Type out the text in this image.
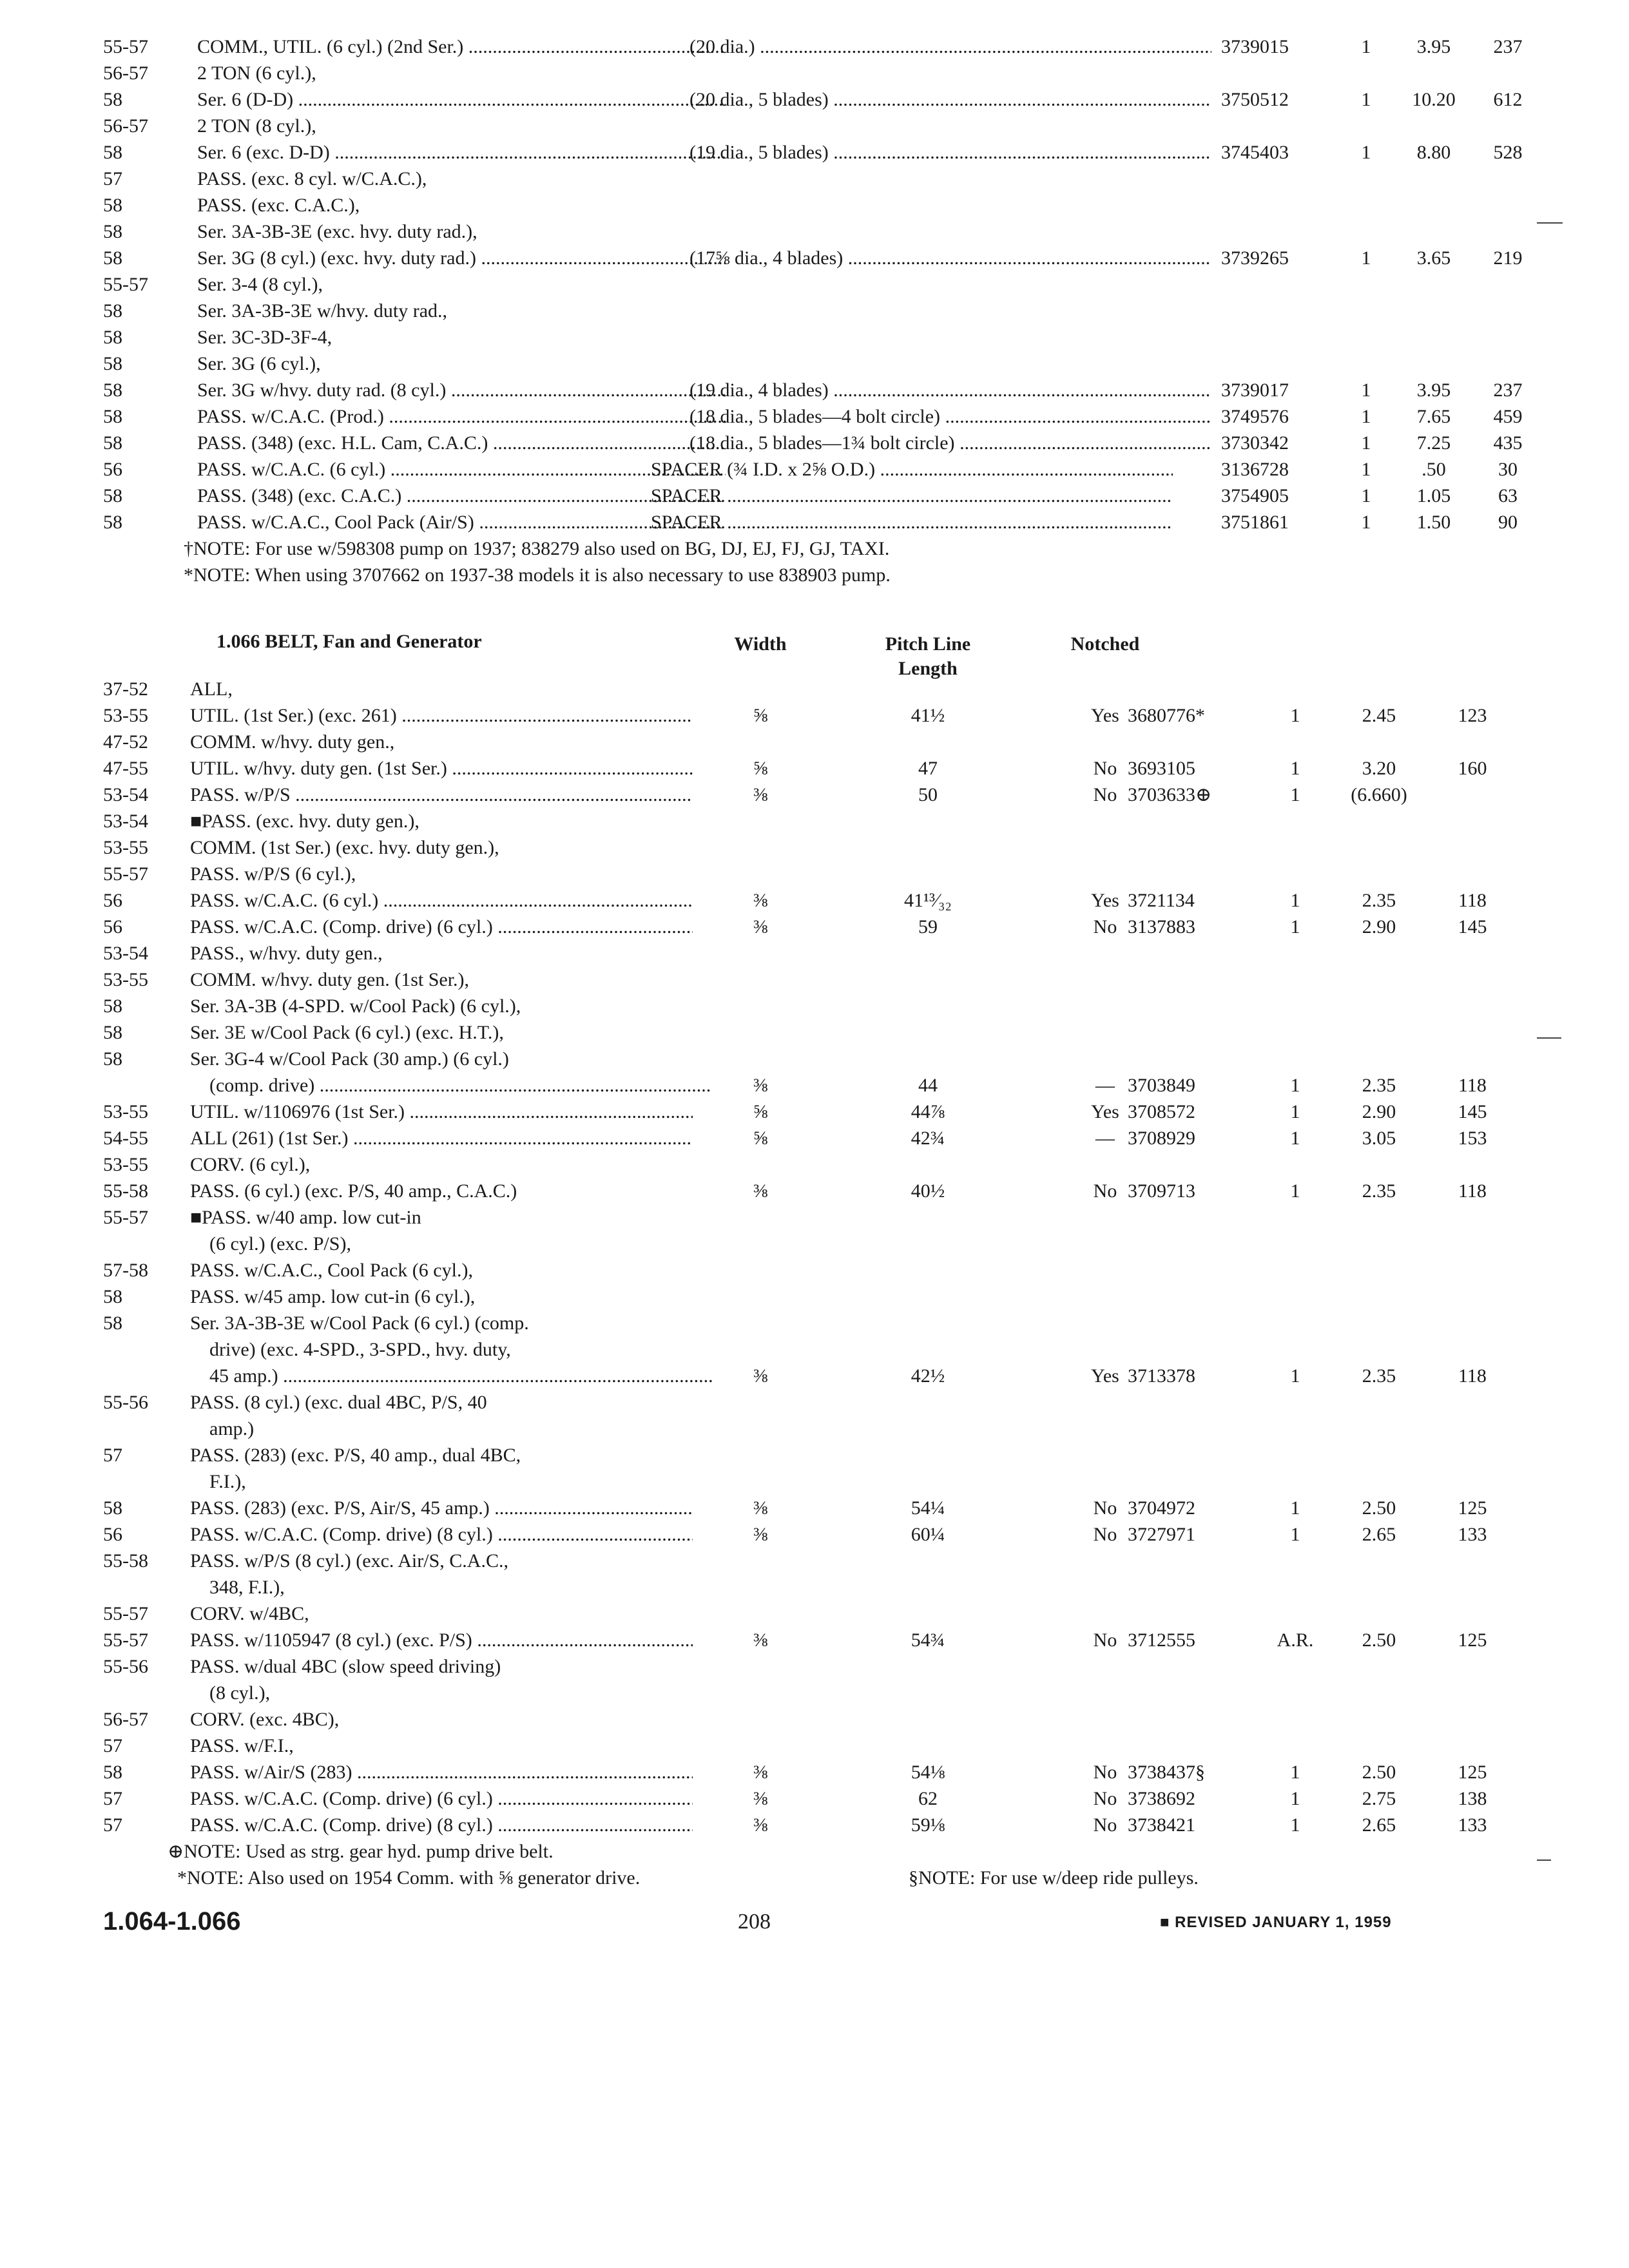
55-57	COMM., UTIL. (6 cyl.) (2nd Ser.) .....	(20 dia.) .....	3739015	1	3.95	237
56-57	2 TON (6 cyl.),
58	Ser. 6 (D-D) .....	(20 dia., 5 blades) .....	3750512	1	10.20	612
56-57	2 TON (8 cyl.),
58	Ser. 6 (exc. D-D) .....	(19 dia., 5 blades) .....	3745403	1	8.80	528
57	PASS. (exc. 8 cyl. w/C.A.C.),
58	PASS. (exc. C.A.C.),
58	Ser. 3A-3B-3E (exc. hvy. duty rad.),
58	Ser. 3G (8 cyl.) (exc. hvy. duty rad.) .....	(17⅝ dia., 4 blades) .....	3739265	1	3.65	219
55-57	Ser. 3-4 (8 cyl.),
58	Ser. 3A-3B-3E w/hvy. duty rad.,
58	Ser. 3C-3D-3F-4,
58	Ser. 3G (6 cyl.),
58	Ser. 3G w/hvy. duty rad. (8 cyl.) .....	(19 dia., 4 blades) .....	3739017	1	3.95	237
58	PASS. w/C.A.C. (Prod.) .....	(18 dia., 5 blades—4 bolt circle) .....	3749576	1	7.65	459
58	PASS. (348) (exc. H.L. Cam, C.A.C.) .....	(18 dia., 5 blades—1¾ bolt circle) .....	3730342	1	7.25	435
56	PASS. w/C.A.C. (6 cyl.) .....	SPACER (¾ I.D. x 2⅝ O.D.) .....	3136728	1	.50	30
58	PASS. (348) (exc. C.A.C.) .....	SPACER .....	3754905	1	1.05	63
58	PASS. w/C.A.C., Cool Pack (Air/S) .....	SPACER .....	3751861	1	1.50	90
†NOTE: For use w/598308 pump on 1937; 838279 also used on BG, DJ, EJ, FJ, GJ, TAXI.
*NOTE: When using 3707662 on 1937-38 models it is also necessary to use 838903 pump.
1.066 BELT, Fan and Generator	Width	Pitch Line
Length
Notched
37-52	ALL,
53-55	UTIL. (1st Ser.) (exc. 261) .....	⅝	41½	Yes 3680776*	1	2.45	123
47-52	COMM. w/hvy. duty gen.,
47-55	UTIL. w/hvy. duty gen. (1st Ser.) .....	⅝	47	No 3693105	1	3.20	160
53-54	PASS. w/P/S .....	⅜	50	No 3703633⊕	1	(6.660)
53-54	■PASS. (exc. hvy. duty gen.),
53-55	COMM. (1st Ser.) (exc. hvy. duty gen.),
55-57	PASS. w/P/S (6 cyl.),
56	PASS. w/C.A.C. (6 cyl.) .....	⅜	41¹³⁄₃₂	Yes 3721134	1	2.35	118
56	PASS. w/C.A.C. (Comp. drive) (6 cyl.) .....	⅜	59	No 3137883	1	2.90	145
53-54	PASS., w/hvy. duty gen.,
53-55	COMM. w/hvy. duty gen. (1st Ser.),
58	Ser. 3A-3B (4-SPD. w/Cool Pack) (6 cyl.),
58	Ser. 3E w/Cool Pack (6 cyl.) (exc. H.T.),
58	Ser. 3G-4 w/Cool Pack (30 amp.) (6 cyl.)
(comp. drive) .....	⅜	44	— 3703849	1	2.35	118
53-55	UTIL. w/1106976 (1st Ser.) .....	⅝	44⅞	Yes 3708572	1	2.90	145
54-55	ALL (261) (1st Ser.) .....	⅝	42¾	— 3708929	1	3.05	153
53-55	CORV. (6 cyl.),
55-58	PASS. (6 cyl.) (exc. P/S, 40 amp., C.A.C.)	⅜	40½	No 3709713	1	2.35	118
55-57	■PASS. w/40 amp. low cut-in
(6 cyl.) (exc. P/S),
57-58	PASS. w/C.A.C., Cool Pack (6 cyl.),
58	PASS. w/45 amp. low cut-in (6 cyl.),
58	Ser. 3A-3B-3E w/Cool Pack (6 cyl.) (comp.
drive) (exc. 4-SPD., 3-SPD., hvy. duty,
45 amp.) .....	⅜	42½	Yes 3713378	1	2.35	118
55-56	PASS. (8 cyl.) (exc. dual 4BC, P/S, 40
amp.)
57	PASS. (283) (exc. P/S, 40 amp., dual 4BC,
F.I.),
58	PASS. (283) (exc. P/S, Air/S, 45 amp.) .....	⅜	54¼	No 3704972	1	2.50	125
56	PASS. w/C.A.C. (Comp. drive) (8 cyl.) .....	⅜	60¼	No 3727971	1	2.65	133
55-58	PASS. w/P/S (8 cyl.) (exc. Air/S, C.A.C.,
348, F.I.),
55-57	CORV. w/4BC,
55-57	PASS. w/1105947 (8 cyl.) (exc. P/S) .....	⅜	54¾	No 3712555	A.R.	2.50	125
55-56	PASS. w/dual 4BC (slow speed driving)
(8 cyl.),
56-57	CORV. (exc. 4BC),
57	PASS. w/F.I.,
58	PASS. w/Air/S (283) .....	⅜	54⅛	No 3738437§	1	2.50	125
57	PASS. w/C.A.C. (Comp. drive) (6 cyl.) .....	⅜	62	No 3738692	1	2.75	138
57	PASS. w/C.A.C. (Comp. drive) (8 cyl.) .....	⅜	59⅛	No 3738421	1	2.65	133
⊕NOTE: Used as strg. gear hyd. pump drive belt.
*NOTE: Also used on 1954 Comm. with ⅝ generator drive.	§NOTE: For use w/deep ride pulleys.
1.064-1.066	208	■ REVISED JANUARY 1, 1959
